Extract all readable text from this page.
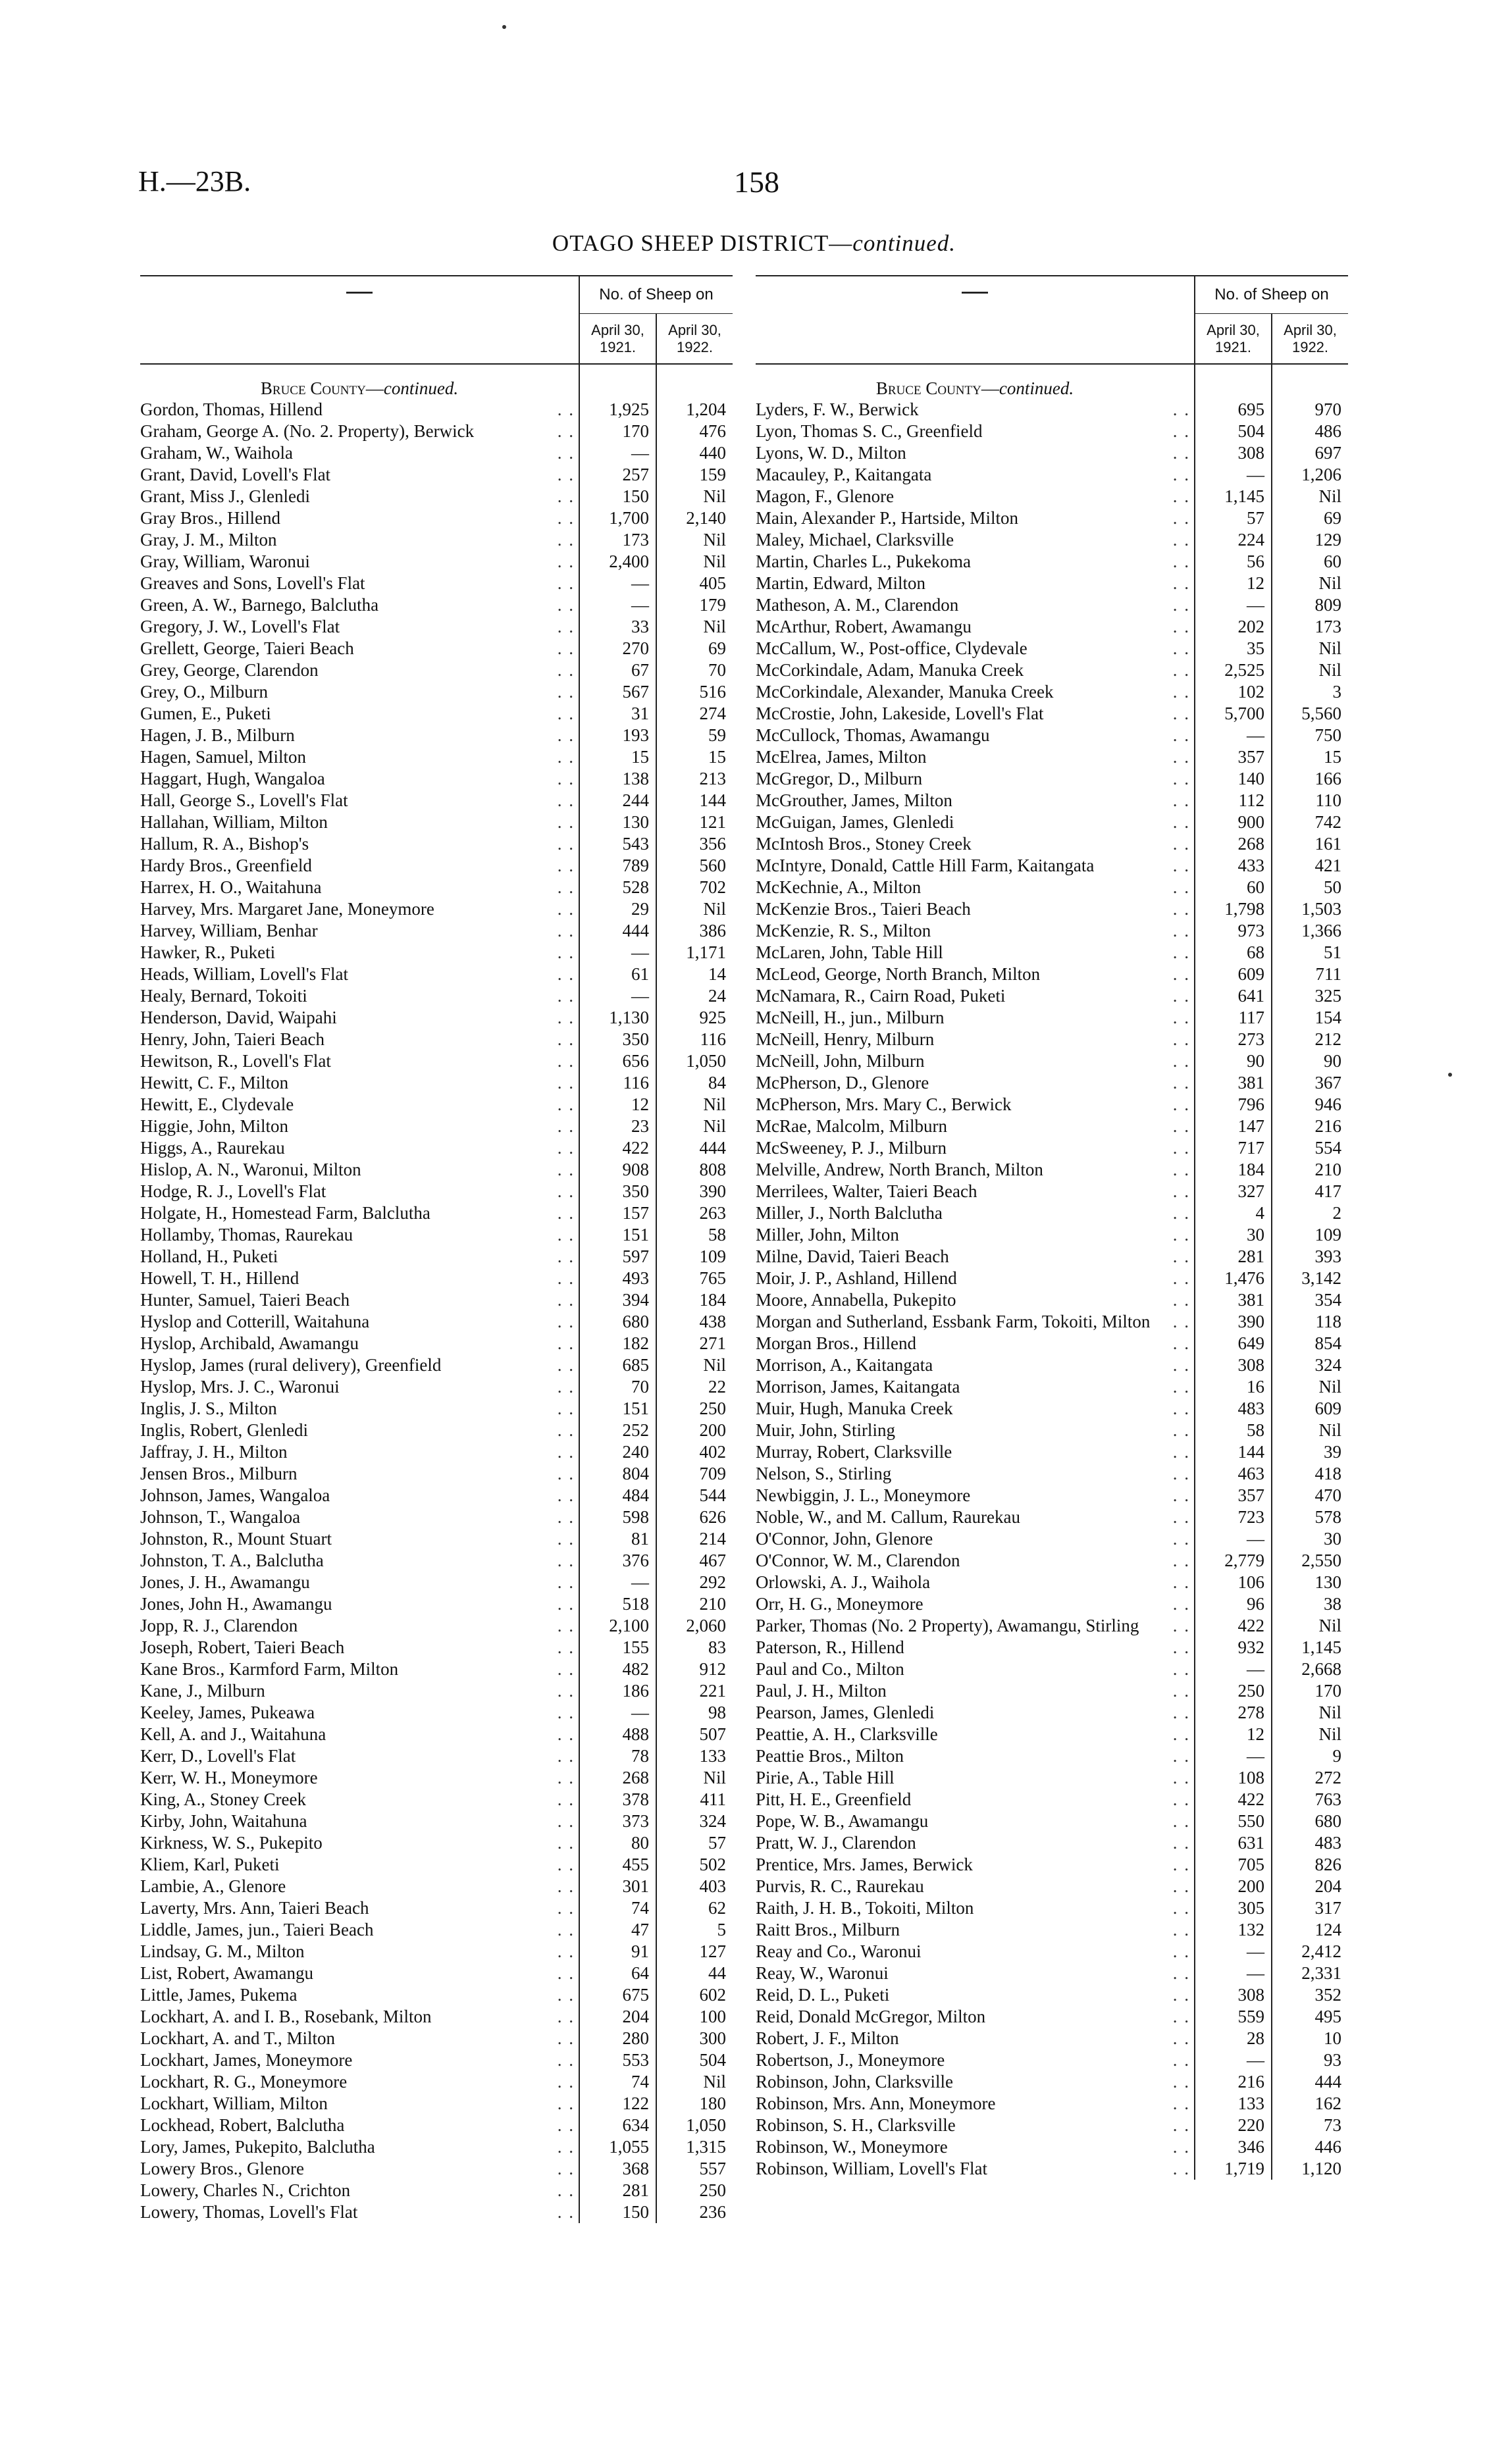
H.—23B.	158
OTAGO SHEEP DISTRICT—continued.
—	No. of Sheep on	
	April 30, 1921.	April 30, 1922.
Bruce County—continued.		

. .
Gordon, Thomas, Hillend	1,925	1,204

. .
Graham, George A. (No. 2. Property), Berwick	170	476

. .
Graham, W., Waihola	—	440

. .
Grant, David, Lovell's Flat	257	159

. .
Grant, Miss J., Glenledi	150	Nil

. .
Gray Bros., Hillend	1,700	2,140

. .
Gray, J. M., Milton	173	Nil

. .
Gray, William, Waronui	2,400	Nil

. .
Greaves and Sons, Lovell's Flat	—	405

. .
Green, A. W., Barnego, Balclutha	—	179

. .
Gregory, J. W., Lovell's Flat	33	Nil

. .
Grellett, George, Taieri Beach	270	69

. .
Grey, George, Clarendon	67	70

. .
Grey, O., Milburn	567	516

. .
Gumen, E., Puketi	31	274

. .
Hagen, J. B., Milburn	193	59

. .
Hagen, Samuel, Milton	15	15

. .
Haggart, Hugh, Wangaloa	138	213

. .
Hall, George S., Lovell's Flat	244	144

. .
Hallahan, William, Milton	130	121

. .
Hallum, R. A., Bishop's	543	356

. .
Hardy Bros., Greenfield	789	560

. .
Harrex, H. O., Waitahuna	528	702

. .
Harvey, Mrs. Margaret Jane, Moneymore	29	Nil

. .
Harvey, William, Benhar	444	386

. .
Hawker, R., Puketi	—	1,171

. .
Heads, William, Lovell's Flat	61	14

. .
Healy, Bernard, Tokoiti	—	24

. .
Henderson, David, Waipahi	1,130	925

. .
Henry, John, Taieri Beach	350	116

. .
Hewitson, R., Lovell's Flat	656	1,050

. .
Hewitt, C. F., Milton	116	84

. .
Hewitt, E., Clydevale	12	Nil

. .
Higgie, John, Milton	23	Nil

. .
Higgs, A., Raurekau	422	444

. .
Hislop, A. N., Waronui, Milton	908	808

. .
Hodge, R. J., Lovell's Flat	350	390

. .
Holgate, H., Homestead Farm, Balclutha	157	263

. .
Hollamby, Thomas, Raurekau	151	58

. .
Holland, H., Puketi	597	109

. .
Howell, T. H., Hillend	493	765

. .
Hunter, Samuel, Taieri Beach	394	184

. .
Hyslop and Cotterill, Waitahuna	680	438

. .
Hyslop, Archibald, Awamangu	182	271

. .
Hyslop, James (rural delivery), Greenfield	685	Nil

. .
Hyslop, Mrs. J. C., Waronui	70	22

. .
Inglis, J. S., Milton	151	250

. .
Inglis, Robert, Glenledi	252	200

. .
Jaffray, J. H., Milton	240	402

. .
Jensen Bros., Milburn	804	709

. .
Johnson, James, Wangaloa	484	544

. .
Johnson, T., Wangaloa	598	626

. .
Johnston, R., Mount Stuart	81	214

. .
Johnston, T. A., Balclutha	376	467

. .
Jones, J. H., Awamangu	—	292

. .
Jones, John H., Awamangu	518	210

. .
Jopp, R. J., Clarendon	2,100	2,060

. .
Joseph, Robert, Taieri Beach	155	83

. .
Kane Bros., Karmford Farm, Milton	482	912

. .
Kane, J., Milburn	186	221

. .
Keeley, James, Pukeawa	—	98

. .
Kell, A. and J., Waitahuna	488	507

. .
Kerr, D., Lovell's Flat	78	133

. .
Kerr, W. H., Moneymore	268	Nil

. .
King, A., Stoney Creek	378	411

. .
Kirby, John, Waitahuna	373	324

. .
Kirkness, W. S., Pukepito	80	57

. .
Kliem, Karl, Puketi	455	502

. .
Lambie, A., Glenore	301	403

. .
Laverty, Mrs. Ann, Taieri Beach	74	62

. .
Liddle, James, jun., Taieri Beach	47	5

. .
Lindsay, G. M., Milton	91	127

. .
List, Robert, Awamangu	64	44

. .
Little, James, Pukema	675	602

. .
Lockhart, A. and I. B., Rosebank, Milton	204	100

. .
Lockhart, A. and T., Milton	280	300

. .
Lockhart, James, Moneymore	553	504

. .
Lockhart, R. G., Moneymore	74	Nil

. .
Lockhart, William, Milton	122	180

. .
Lockhead, Robert, Balclutha	634	1,050

. .
Lory, James, Pukepito, Balclutha	1,055	1,315

. .
Lowery Bros., Glenore	368	557

. .
Lowery, Charles N., Crichton	281	250

. .
Lowery, Thomas, Lovell's Flat	150	236
—	No. of Sheep on	
	April 30, 1921.	April 30, 1922.
Bruce County—continued.		

. .
Lyders, F. W., Berwick	695	970

. .
Lyon, Thomas S. C., Greenfield	504	486

. .
Lyons, W. D., Milton	308	697

. .
Macauley, P., Kaitangata	—	1,206

. .
Magon, F., Glenore	1,145	Nil

. .
Main, Alexander P., Hartside, Milton	57	69

. .
Maley, Michael, Clarksville	224	129

. .
Martin, Charles L., Pukekoma	56	60

. .
Martin, Edward, Milton	12	Nil

. .
Matheson, A. M., Clarendon	—	809

. .
McArthur, Robert, Awamangu	202	173

. .
McCallum, W., Post-office, Clydevale	35	Nil

. .
McCorkindale, Adam, Manuka Creek	2,525	Nil

. .
McCorkindale, Alexander, Manuka Creek	102	3

. .
McCrostie, John, Lakeside, Lovell's Flat	5,700	5,560

. .
McCullock, Thomas, Awamangu	—	750

. .
McElrea, James, Milton	357	15

. .
McGregor, D., Milburn	140	166

. .
McGrouther, James, Milton	112	110

. .
McGuigan, James, Glenledi	900	742

. .
McIntosh Bros., Stoney Creek	268	161

. .
McIntyre, Donald, Cattle Hill Farm, Kaitangata	433	421

. .
McKechnie, A., Milton	60	50

. .
McKenzie Bros., Taieri Beach	1,798	1,503

. .
McKenzie, R. S., Milton	973	1,366

. .
McLaren, John, Table Hill	68	51

. .
McLeod, George, North Branch, Milton	609	711

. .
McNamara, R., Cairn Road, Puketi	641	325

. .
McNeill, H., jun., Milburn	117	154

. .
McNeill, Henry, Milburn	273	212

. .
McNeill, John, Milburn	90	90

. .
McPherson, D., Glenore	381	367

. .
McPherson, Mrs. Mary C., Berwick	796	946

. .
McRae, Malcolm, Milburn	147	216

. .
McSweeney, P. J., Milburn	717	554

. .
Melville, Andrew, North Branch, Milton	184	210

. .
Merrilees, Walter, Taieri Beach	327	417

. .
Miller, J., North Balclutha	4	2

. .
Miller, John, Milton	30	109

. .
Milne, David, Taieri Beach	281	393

. .
Moir, J. P., Ashland, Hillend	1,476	3,142

. .
Moore, Annabella, Pukepito	381	354

. .
Morgan and Sutherland, Essbank Farm, Tokoiti, Milton	390	118

. .
Morgan Bros., Hillend	649	854

. .
Morrison, A., Kaitangata	308	324

. .
Morrison, James, Kaitangata	16	Nil

. .
Muir, Hugh, Manuka Creek	483	609

. .
Muir, John, Stirling	58	Nil

. .
Murray, Robert, Clarksville	144	39

. .
Nelson, S., Stirling	463	418

. .
Newbiggin, J. L., Moneymore	357	470

. .
Noble, W., and M. Callum, Raurekau	723	578

. .
O'Connor, John, Glenore	—	30

. .
O'Connor, W. M., Clarendon	2,779	2,550

. .
Orlowski, A. J., Waihola	106	130

. .
Orr, H. G., Moneymore	96	38

. .
Parker, Thomas (No. 2 Property), Awamangu, Stirling	422	Nil

. .
Paterson, R., Hillend	932	1,145

. .
Paul and Co., Milton	—	2,668

. .
Paul, J. H., Milton	250	170

. .
Pearson, James, Glenledi	278	Nil

. .
Peattie, A. H., Clarksville	12	Nil

. .
Peattie Bros., Milton	—	9

. .
Pirie, A., Table Hill	108	272

. .
Pitt, H. E., Greenfield	422	763

. .
Pope, W. B., Awamangu	550	680

. .
Pratt, W. J., Clarendon	631	483

. .
Prentice, Mrs. James, Berwick	705	826

. .
Purvis, R. C., Raurekau	200	204

. .
Raith, J. H. B., Tokoiti, Milton	305	317

. .
Raitt Bros., Milburn	132	124

. .
Reay and Co., Waronui	—	2,412

. .
Reay, W., Waronui	—	2,331

. .
Reid, D. L., Puketi	308	352

. .
Reid, Donald McGregor, Milton	559	495

. .
Robert, J. F., Milton	28	10

. .
Robertson, J., Moneymore	—	93

. .
Robinson, John, Clarksville	216	444

. .
Robinson, Mrs. Ann, Moneymore	133	162

. .
Robinson, S. H., Clarksville	220	73

. .
Robinson, W., Moneymore	346	446

. .
Robinson, William, Lovell's Flat	1,719	1,120
